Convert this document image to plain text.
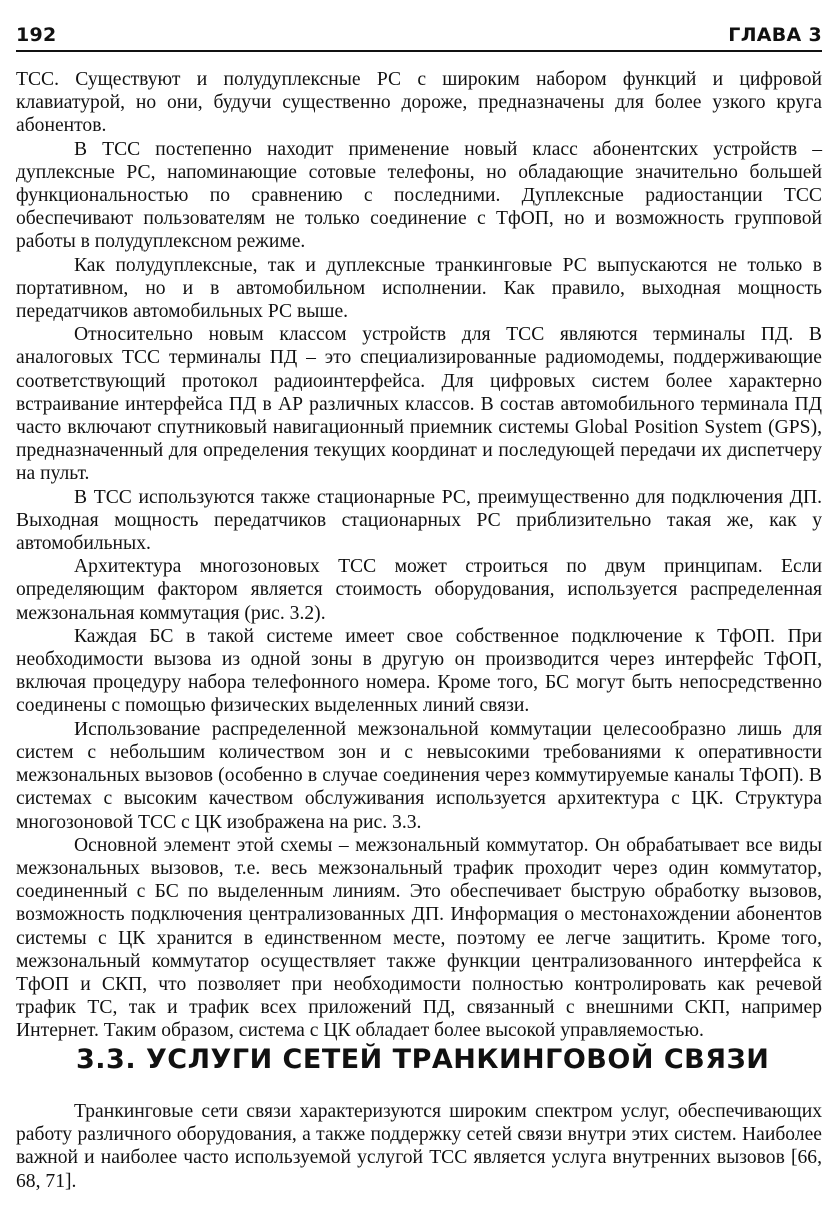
192	ГЛАВА 3

ТСС. Существуют и полудуплексные РС с широким набором функций и цифровой клавиатурой, но они, будучи существенно дороже, предназначены для более узкого круга абонентов.

В ТСС постепенно находит применение новый класс абонентских устройств – дуплексные РС, напоминающие сотовые телефоны, но обладающие значительно большей функциональностью по сравнению с последними. Дуплексные радиостанции ТСС обеспечивают пользователям не только соединение с ТфОП, но и возможность групповой работы в полудуплексном режиме.

Как полудуплексные, так и дуплексные транкинговые РС выпускаются не только в портативном, но и в автомобильном исполнении. Как правило, выходная мощность передатчиков автомобильных РС выше.

Относительно новым классом устройств для ТСС являются терминалы ПД. В аналоговых ТСС терминалы ПД – это специализированные радиомодемы, поддерживающие соответствующий протокол радиоинтерфейса. Для цифровых систем более характерно встраивание интерфейса ПД в АР различных классов. В состав автомобильного терминала ПД часто включают спутниковый навигационный приемник системы Global Position System (GPS), предназначенный для определения текущих координат и последующей передачи их диспетчеру на пульт.

В ТСС используются также стационарные РС, преимущественно для подключения ДП. Выходная мощность передатчиков стационарных РС приблизительно такая же, как у автомобильных.

Архитектура многозоновых ТСС может строиться по двум принципам. Если определяющим фактором является стоимость оборудования, используется распределенная межзональная коммутация (рис. 3.2).

Каждая БС в такой системе имеет свое собственное подключение к ТфОП. При необходимости вызова из одной зоны в другую он производится через интерфейс ТфОП, включая процедуру набора телефонного номера. Кроме того, БС могут быть непосредственно соединены с помощью физических выделенных линий связи.

Использование распределенной межзональной коммутации целесообразно лишь для систем с небольшим количеством зон и с невысокими требованиями к оперативности межзональных вызовов (особенно в случае соединения через коммутируемые каналы ТфОП). В системах с высоким качеством обслуживания используется архитектура с ЦК. Структура многозоновой ТСС с ЦК изображена на рис. 3.3.

Основной элемент этой схемы – межзональный коммутатор. Он обрабатывает все виды межзональных вызовов, т.е. весь межзональный трафик проходит через один коммутатор, соединенный с БС по выделенным линиям. Это обеспечивает быструю обработку вызовов, возможность подключения централизованных ДП. Информация о местонахождении абонентов системы с ЦК хранится в единственном месте, поэтому ее легче защитить. Кроме того, межзональный коммутатор осуществляет также функции централизованного интерфейса к ТфОП и СКП, что позволяет при необходимости полностью контролировать как речевой трафик ТС, так и трафик всех приложений ПД, связанный с внешними СКП, например Интернет. Таким образом, система с ЦК обладает более высокой управляемостью.

3.3. УСЛУГИ СЕТЕЙ ТРАНКИНГОВОЙ СВЯЗИ

Транкинговые сети связи характеризуются широким спектром услуг, обеспечивающих работу различного оборудования, а также поддержку сетей связи внутри этих систем. Наиболее важной и наиболее часто используемой услугой ТСС является услуга внутренних вызовов [66, 68, 71].
